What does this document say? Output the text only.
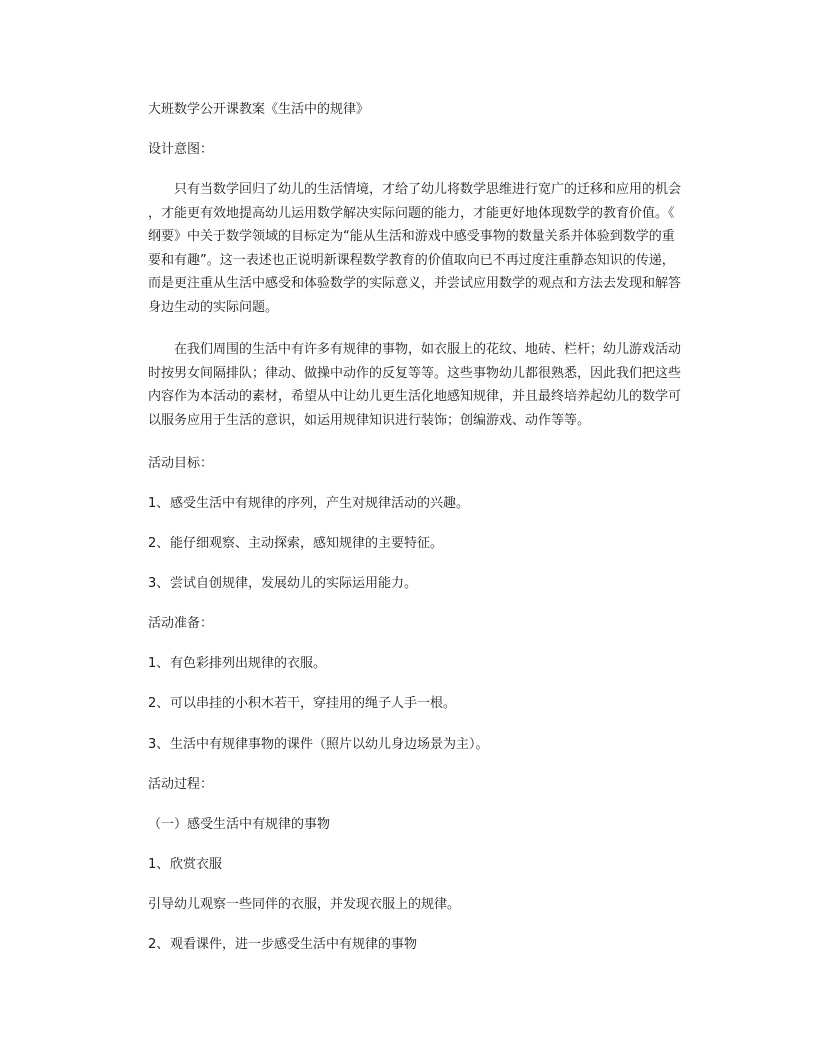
大班数学公开课教案《生活中的规律》

设计意图：

只有当数学回归了幼儿的生活情境，才给了幼儿将数学思维进行宽广的迁移和应用的机会
，才能更有效地提高幼儿运用数学解决实际问题的能力，才能更好地体现数学的教育价值。《
纲要》中关于数学领域的目标定为“能从生活和游戏中感受事物的数量关系并体验到数学的重
要和有趣”。这一表述也正说明新课程数学教育的价值取向已不再过度注重静态知识的传递，
而是更注重从生活中感受和体验数学的实际意义，并尝试应用数学的观点和方法去发现和解答
身边生动的实际问题。
在我们周围的生活中有许多有规律的事物，如衣服上的花纹、地砖、栏杆；幼儿游戏活动
时按男女间隔排队；律动、做操中动作的反复等等。这些事物幼儿都很熟悉，因此我们把这些
内容作为本活动的素材，希望从中让幼儿更生活化地感知规律，并且最终培养起幼儿的数学可
以服务应用于生活的意识，如运用规律知识进行装饰；创编游戏、动作等等。

活动目标：

1、感受生活中有规律的序列，产生对规律活动的兴趣。

2、能仔细观察、主动探索，感知规律的主要特征。

3、尝试自创规律，发展幼儿的实际运用能力。

活动准备：

1、有色彩排列出规律的衣服。

2、可以串挂的小积木若干，穿挂用的绳子人手一根。

3、生活中有规律事物的课件（照片以幼儿身边场景为主）。

活动过程：

（一）感受生活中有规律的事物

1、欣赏衣服

引导幼儿观察一些同伴的衣服，并发现衣服上的规律。

2、观看课件，进一步感受生活中有规律的事物
